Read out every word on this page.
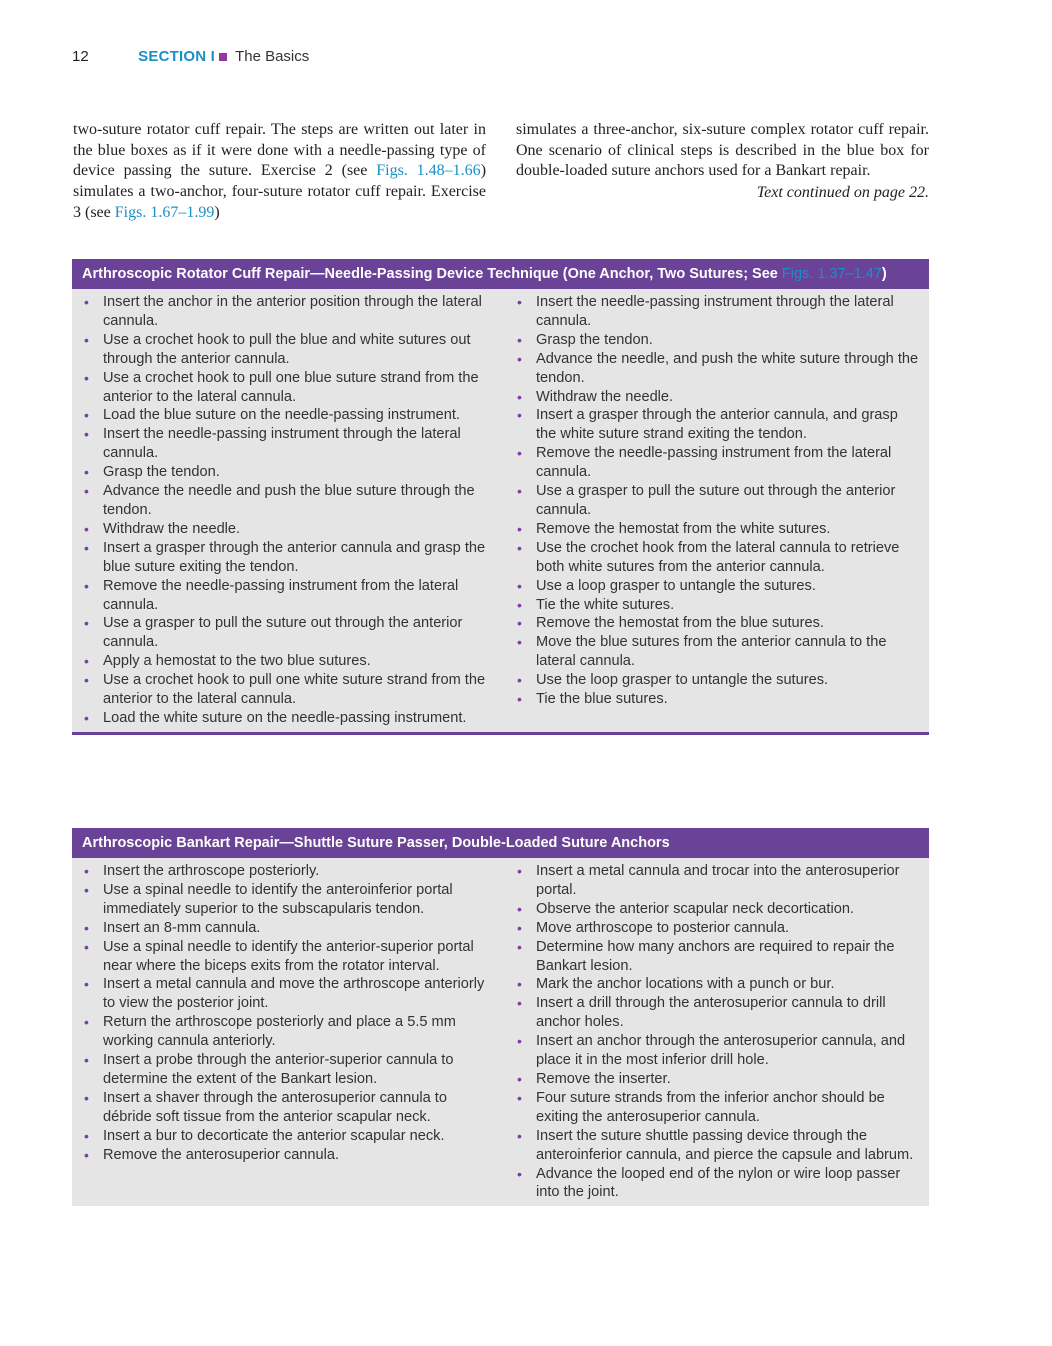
12	SECTION I The Basics
two-suture rotator cuff repair. The steps are written out later in the blue boxes as if it were done with a needle-passing type of device passing the suture. Exercise 2 (see Figs. 1.48–1.66) simulates a two-anchor, four-suture rotator cuff repair. Exercise 3 (see Figs. 1.67–1.99)
simulates a three-anchor, six-suture complex rotator cuff repair. One scenario of clinical steps is described in the blue box for double-loaded suture anchors used for a Bankart repair.
Text continued on page 22.
Arthroscopic Rotator Cuff Repair—Needle-Passing Device Technique (One Anchor, Two Sutures; See Figs. 1.37–1.47)
• Insert the anchor in the anterior position through the lateral cannula.
• Use a crochet hook to pull the blue and white sutures out through the anterior cannula.
• Use a crochet hook to pull one blue suture strand from the anterior to the lateral cannula.
• Load the blue suture on the needle-passing instrument.
• Insert the needle-passing instrument through the lateral cannula.
• Grasp the tendon.
• Advance the needle and push the blue suture through the tendon.
• Withdraw the needle.
• Insert a grasper through the anterior cannula and grasp the blue suture exiting the tendon.
• Remove the needle-passing instrument from the lateral cannula.
• Use a grasper to pull the suture out through the anterior cannula.
• Apply a hemostat to the two blue sutures.
• Use a crochet hook to pull one white suture strand from the anterior to the lateral cannula.
• Load the white suture on the needle-passing instrument.
• Insert the needle-passing instrument through the lateral cannula.
• Grasp the tendon.
• Advance the needle, and push the white suture through the tendon.
• Withdraw the needle.
• Insert a grasper through the anterior cannula, and grasp the white suture strand exiting the tendon.
• Remove the needle-passing instrument from the lateral cannula.
• Use a grasper to pull the suture out through the anterior cannula.
• Remove the hemostat from the white sutures.
• Use the crochet hook from the lateral cannula to retrieve both white sutures from the anterior cannula.
• Use a loop grasper to untangle the sutures.
• Tie the white sutures.
• Remove the hemostat from the blue sutures.
• Move the blue sutures from the anterior cannula to the lateral cannula.
• Use the loop grasper to untangle the sutures.
• Tie the blue sutures.
Arthroscopic Bankart Repair—Shuttle Suture Passer, Double-Loaded Suture Anchors
• Insert the arthroscope posteriorly.
• Use a spinal needle to identify the anteroinferior portal immediately superior to the subscapularis tendon.
• Insert an 8-mm cannula.
• Use a spinal needle to identify the anterior-superior portal near where the biceps exits from the rotator interval.
• Insert a metal cannula and move the arthroscope anteriorly to view the posterior joint.
• Return the arthroscope posteriorly and place a 5.5 mm working cannula anteriorly.
• Insert a probe through the anterior-superior cannula to determine the extent of the Bankart lesion.
• Insert a shaver through the anterosuperior cannula to débride soft tissue from the anterior scapular neck.
• Insert a bur to decorticate the anterior scapular neck.
• Remove the anterosuperior cannula.
• Insert a metal cannula and trocar into the anterosuperior portal.
• Observe the anterior scapular neck decortication.
• Move arthroscope to posterior cannula.
• Determine how many anchors are required to repair the Bankart lesion.
• Mark the anchor locations with a punch or bur.
• Insert a drill through the anterosuperior cannula to drill anchor holes.
• Insert an anchor through the anterosuperior cannula, and place it in the most inferior drill hole.
• Remove the inserter.
• Four suture strands from the inferior anchor should be exiting the anterosuperior cannula.
• Insert the suture shuttle passing device through the anteroinferior cannula, and pierce the capsule and labrum.
• Advance the looped end of the nylon or wire loop passer into the joint.
